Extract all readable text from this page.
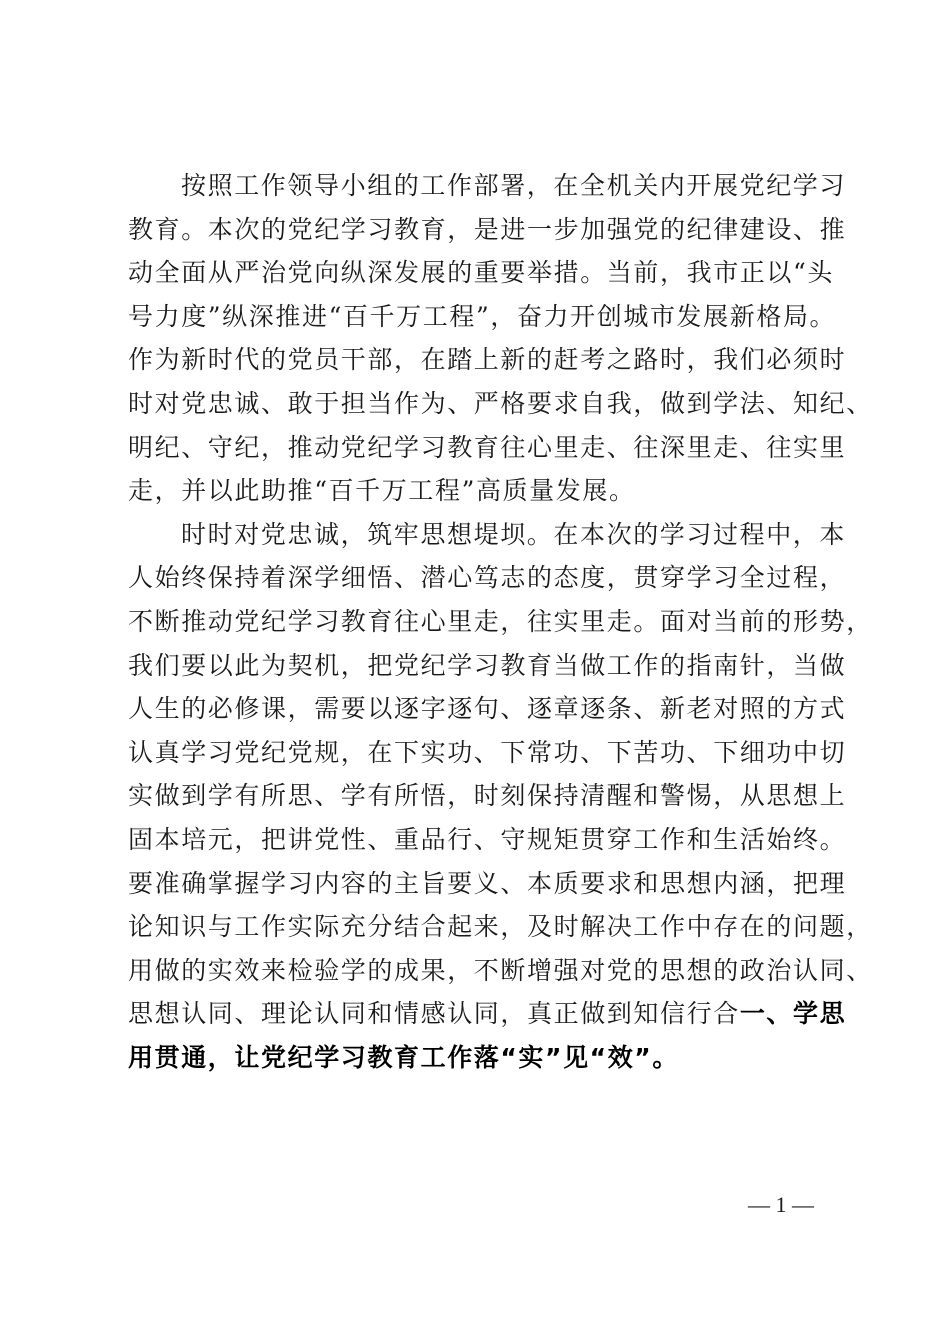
按照工作领导小组的工作部署，在全机关内开展党纪学习
教育。本次的党纪学习教育，是进一步加强党的纪律建设、推
动全面从严治党向纵深发展的重要举措。当前，我市正以“头
号力度”纵深推进“百千万工程”，奋力开创城市发展新格局。
作为新时代的党员干部，在踏上新的赶考之路时，我们必须时
时对党忠诚、敢于担当作为、严格要求自我，做到学法、知纪、
明纪、守纪，推动党纪学习教育往心里走、往深里走、往实里
走，并以此助推“百千万工程”高质量发展。
时时对党忠诚，筑牢思想堤坝。在本次的学习过程中，本
人始终保持着深学细悟、潜心笃志的态度，贯穿学习全过程，
不断推动党纪学习教育往心里走，往实里走。面对当前的形势，
我们要以此为契机，把党纪学习教育当做工作的指南针，当做
人生的必修课，需要以逐字逐句、逐章逐条、新老对照的方式
认真学习党纪党规，在下实功、下常功、下苦功、下细功中切
实做到学有所思、学有所悟，时刻保持清醒和警惕，从思想上
固本培元，把讲党性、重品行、守规矩贯穿工作和生活始终。
要准确掌握学习内容的主旨要义、本质要求和思想内涵，把理
论知识与工作实际充分结合起来，及时解决工作中存在的问题，
用做的实效来检验学的成果，不断增强对党的思想的政治认同、
思想认同、理论认同和情感认同，真正做到知信行合一、学思
用贯通，让党纪学习教育工作落“实”见“效”。
— 1 —
